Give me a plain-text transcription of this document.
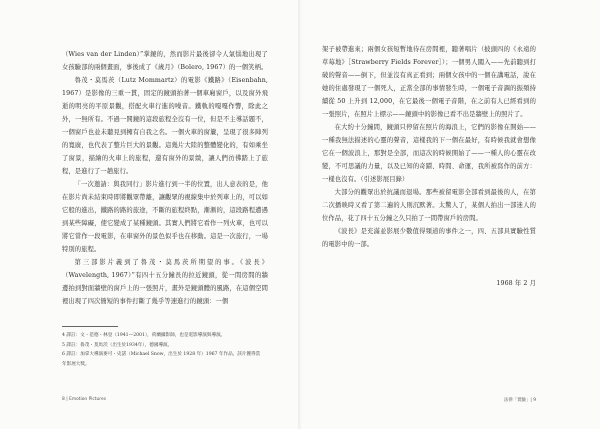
（Wies van der Linden）”掌鏡的，然而影片最後卻令人氣惱地出現了女孩驗部的兩個畫面，事後成了《歲月》（Bolero, 1967）的一個笑柄。

魯茂・莫馬茨（Lutz Mommartz）的電影《鐵路》（Eisenbahn, 1967）是影像的三重一貫，固定的鏡頭拍著一個車廂窗戶，以及窗外飛逝的明亮的平原景觀，搭配火車行進的噪音。鐵軌的嘎嘎作響，除此之外，一無所有。不過一開鏡的這段旅程全沒有一位，但是不主導話題不，一個窗戶也並未聽見到擁有自我之名。一個火車的窗簾，呈現了很多陣列的寬廣，也代表了整片巨大的景觀。這幾片大陸的整體變化的，有如乘坐了窗景，描繪的火車上的旅程，還有窗外的景緻，讓人們彷彿踏上了旅程，是進行了一趟旅行。

「一次邀請：與我同行」影片進行到一半的位置，出人意表的是，他在影片尚未結束時即將觀眾帶離，讓觀眾的視線集中於列車上的，可以如它般的進出，鐵路的路的旅途，不斷的旅程終點，漸漸的，這段路程遭遇到某些障礙，使它變成了某種鏡頭。其實人們將它看作一列火車，也可以將它當作一段電影，在車窗外的景色似乎也在移動。這是一次旅行，一場特別的旅程。

第三部影片義到了魯茂・莫馬茨所期望的事。《波長》（Wavelength, 1967）”有四十五分鐘長的拉近鏡頭，從一間房間的牆邊拍到對面牆壁的窗戶上的一張照片，畫外是鏡頭體的風路，在這個空間裡出現了四次簡短的事件打斷了幾乎等速進行的鏡頭：一個

4 譯註：文・范德・林登（1941—2001），荷蘭攝影師，也是電影導演與導演。

5 譯註：魯茂・莫馬茨（出生於1934年），德國導演。

6 譯註：加拿大導演麥可・史諾（Michael Snow，出生於 1928 年）1967 年作品，該片獲得當年影展大獎。

8 | Emotion Pictures

架子被帶進來；兩個女孩短暫地待在房間裡，聽著唱片（披頭四的《永遠的草莓地》［Strawberry Fields Forever］）；一個男人闖入——先前聽到打破的聲音——倒下，但並沒有真正看到；兩個女孩中的一個在講電話，說在她的住處發現了一個死人，正當全部的事情發生時，一個電子音調的振頻持續從 50 上升到 12,000，在它最後一個電子音階，在之前有人已經看到的一張照片，在照片上標示——鏡頭中的影像已看不出是牆壁上的照片了。

在大約十分鐘間，鏡頭只停留在照片的海浪上，它們的影像在開始——一種我無法描述的心靈的聲音，這樣我的下一個在最好，有時候我就會想像它在一個波浪上，那對是全部，而這次的時候開始了——一種人的心靈在改變，不可思議的力量，以及已知的奇蹟、時間、命運，我所被寫作的前方：一樣也沒有。（引述影展目錄）

大部分的觀眾出於抗議而退場。那些被留電影全部看到最後的人，在第二次播映時又看了第二遍的人則沉默著。太驚人了，某個人拍出一部迷人的位作品，花了四十五分鐘之久只拍了一間帶窗戶的房間。

《波長》是充滿並影展少數值得頻道的事件之一，四、五部具實驗性質的電影中的一部。

1968 年 2 月

法律「實驗」| 9
